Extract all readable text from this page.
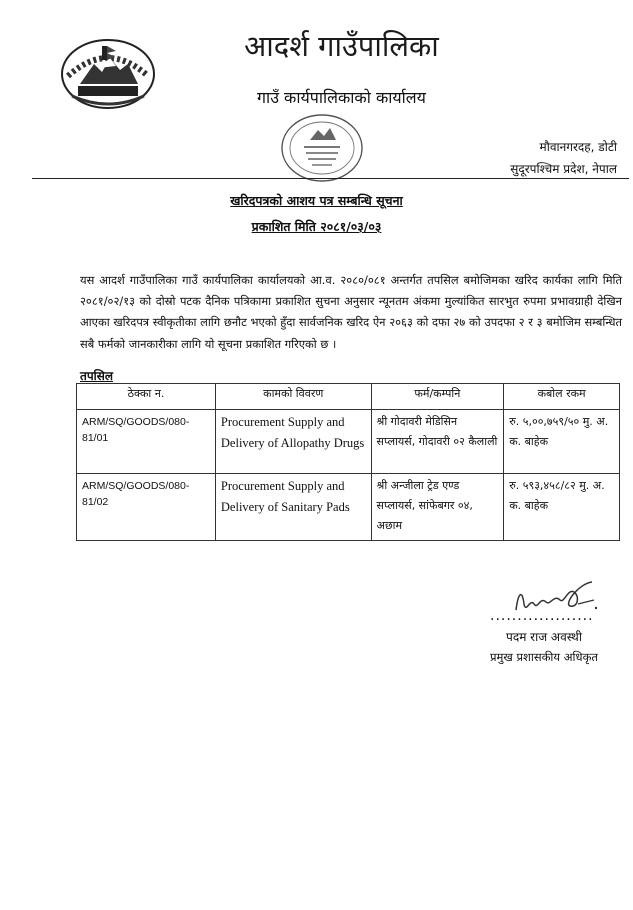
आदर्श गाउँपालिका
गाउँ कार्यपालिकाको कार्यालय
मौवानगरदह, डोटी
सुदूरपश्चिम प्रदेश, नेपाल
खरिदपत्रको आशय पत्र सम्बन्धि सूचना
प्रकाशित मिति २०८१/०३/०३
यस आदर्श गाउँपालिका गाउँ कार्यपालिका कार्यालयको आ.व. २०८०/०८१ अन्तर्गत तपसिल बमोजिमका खरिद कार्यका लागि मिति २०८१/०२/१३ को दोस्रो पटक दैनिक पत्रिकामा प्रकाशित सुचना अनुसार न्यूनतम अंकमा मुल्यांकित सारभुत रुपमा प्रभावग्राही देखिन आएका खरिदपत्र स्वीकृतीका लागि छनौट भएको हुँदा सार्वजनिक खरिद ऐन २०६३ को दफा २७ को उपदफा २ र ३ बमोजिम सम्बन्धित सबै फर्मको जानकारीका लागि यो सूचना प्रकाशित गरिएको छ ।
तपसिल
ठेक्का न.	कामको विवरण	फर्म/कम्पनि	कबोल रकम
ARM/SQ/GOODS/080-81/01	Procurement Supply and Delivery of Allopathy Drugs	श्री गोदावरी मेडिसिन सप्लायर्स, गोदावरी ०२ कैलाली	रु. ५,००,७५९/५० मु. अ. क. बाहेक
ARM/SQ/GOODS/080-81/02	Procurement Supply and Delivery of Sanitary Pads	श्री अन्जीला ट्रेड एण्ड सप्लायर्स, सांफेबगर ०४, अछाम	रु. ५९३,४५८/८२ मु. अ. क. बाहेक
...................
पदम राज अवस्थी
प्रमुख प्रशासकीय अधिकृत
